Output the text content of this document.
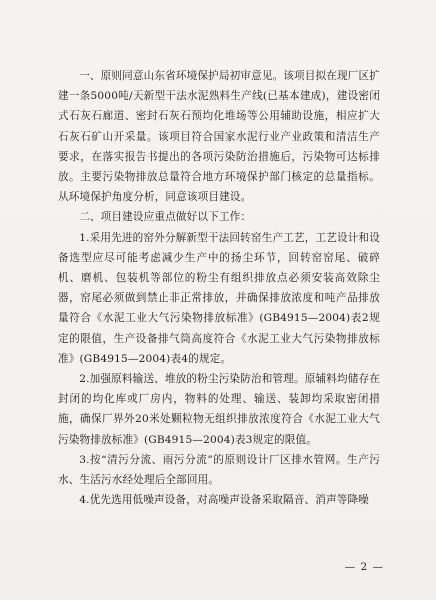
一、原则同意山东省环境保护局初审意见。该项目拟在现厂区扩建一条5000吨/天新型干法水泥熟料生产线(已基本建成)，建设密闭式石灰石廊道、密封石灰石预均化堆场等公用辅助设施，相应扩大石灰石矿山开采量。该项目符合国家水泥行业产业政策和清洁生产要求，在落实报告书提出的各项污染防治措施后，污染物可达标排放。主要污染物排放总量符合地方环境保护部门核定的总量指标。从环境保护角度分析，同意该项目建设。

二、项目建设应重点做好以下工作：

1.采用先进的窑外分解新型干法回转窑生产工艺，工艺设计和设备选型应尽可能考虑减少生产中的扬尘环节，回转窑窑尾、破碎机、磨机、包装机等部位的粉尘有组织排放点必须安装高效除尘器，窑尾必须做到禁止非正常排放，并确保排放浓度和吨产品排放量符合《水泥工业大气污染物排放标准》(GB4915—2004)表2规定的限值，生产设备排气筒高度符合《水泥工业大气污染物排放标准》(GB4915—2004)表4的规定。

2.加强原料输送、堆放的粉尘污染防治和管理。原辅料均储存在封闭的均化库或厂房内，物料的处理、输送、装卸均采取密闭措施，确保厂界外20米处颗粒物无组织排放浓度符合《水泥工业大气污染物排放标准》(GB4915—2004)表3规定的限值。

3.按“清污分流、雨污分流”的原则设计厂区排水管网。生产污水、生活污水经处理后全部回用。

4.优先选用低噪声设备，对高噪声设备采取隔音、消声等降噪

— 2 —
